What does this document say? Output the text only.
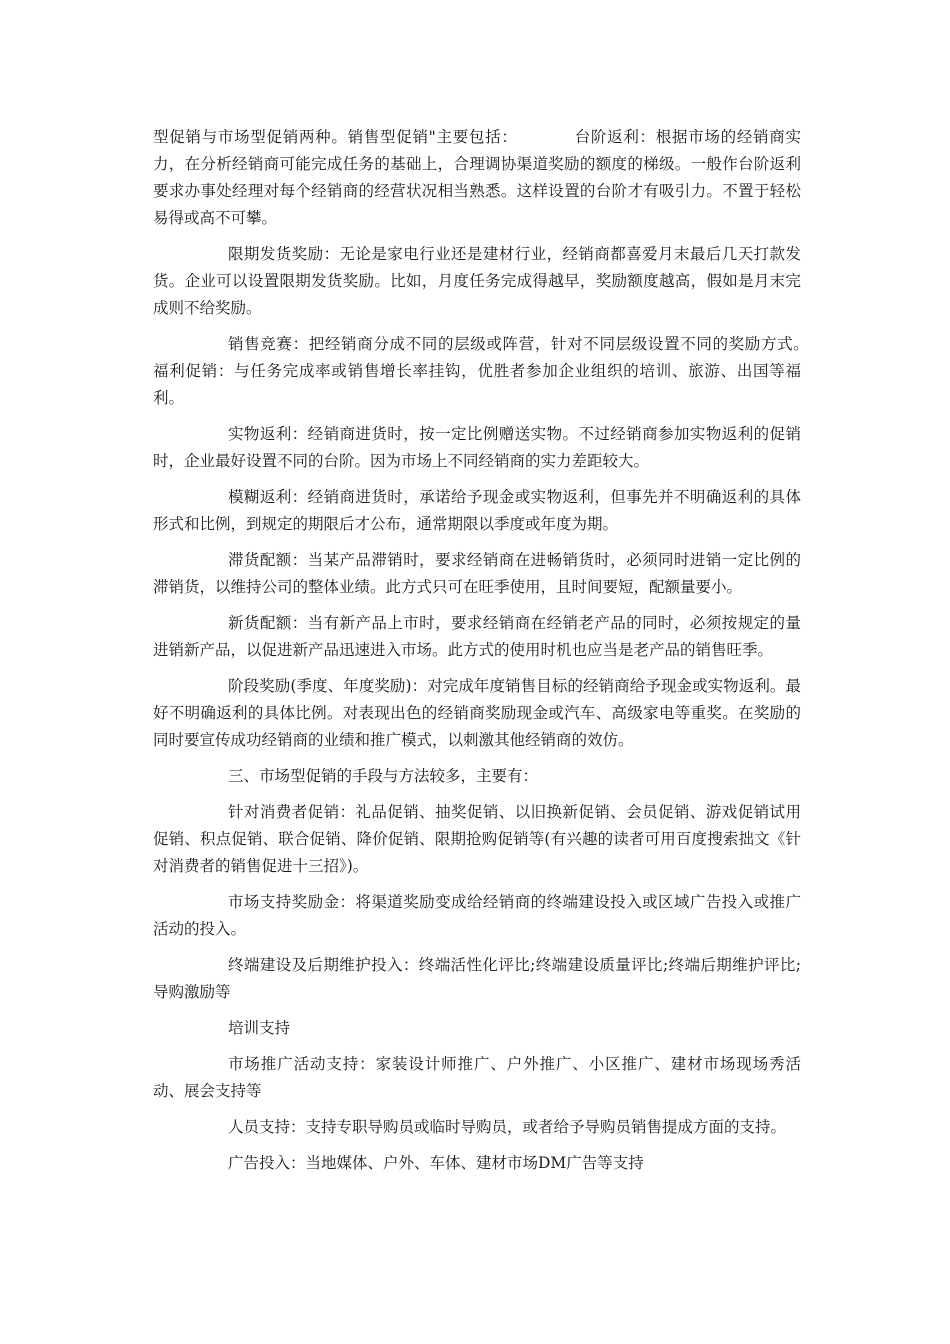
型促销与市场型促销两种。销售型促销"主要包括：　　　　台阶返利：根据市场的经销商实力，在分析经销商可能完成任务的基础上，合理调协渠道奖励的额度的梯级。一般作台阶返利要求办事处经理对每个经销商的经营状况相当熟悉。这样设置的台阶才有吸引力。不置于轻松易得或高不可攀。

限期发货奖励：无论是家电行业还是建材行业，经销商都喜爱月末最后几天打款发货。企业可以设置限期发货奖励。比如，月度任务完成得越早，奖励额度越高，假如是月末完成则不给奖励。

销售竞赛：把经销商分成不同的层级或阵营，针对不同层级设置不同的奖励方式。　　　福利促销：与任务完成率或销售增长率挂钩，优胜者参加企业组织的培训、旅游、出国等福利。

实物返利：经销商进货时，按一定比例赠送实物。不过经销商参加实物返利的促销时，企业最好设置不同的台阶。因为市场上不同经销商的实力差距较大。

模糊返利：经销商进货时，承诺给予现金或实物返利，但事先并不明确返利的具体形式和比例，到规定的期限后才公布，通常期限以季度或年度为期。

滞货配额：当某产品滞销时，要求经销商在进畅销货时，必须同时进销一定比例的滞销货，以维持公司的整体业绩。此方式只可在旺季使用，且时间要短，配额量要小。

新货配额：当有新产品上市时，要求经销商在经销老产品的同时，必须按规定的量进销新产品，以促进新产品迅速进入市场。此方式的使用时机也应当是老产品的销售旺季。

阶段奖励(季度、年度奖励)：对完成年度销售目标的经销商给予现金或实物返利。最好不明确返利的具体比例。对表现出色的经销商奖励现金或汽车、高级家电等重奖。在奖励的同时要宣传成功经销商的业绩和推广模式，以刺激其他经销商的效仿。

三、市场型促销的手段与方法较多，主要有：

针对消费者促销：礼品促销、抽奖促销、以旧换新促销、会员促销、游戏促销试用促销、积点促销、联合促销、降价促销、限期抢购促销等(有兴趣的读者可用百度搜索拙文《针对消费者的销售促进十三招》)。

市场支持奖励金：将渠道奖励变成给经销商的终端建设投入或区域广告投入或推广活动的投入。

终端建设及后期维护投入：终端活性化评比;终端建设质量评比;终端后期维护评比;导购激励等

培训支持

市场推广活动支持：家装设计师推广、户外推广、小区推广、建材市场现场秀活动、展会支持等

人员支持：支持专职导购员或临时导购员，或者给予导购员销售提成方面的支持。

广告投入：当地媒体、户外、车体、建材市场DM广告等支持
